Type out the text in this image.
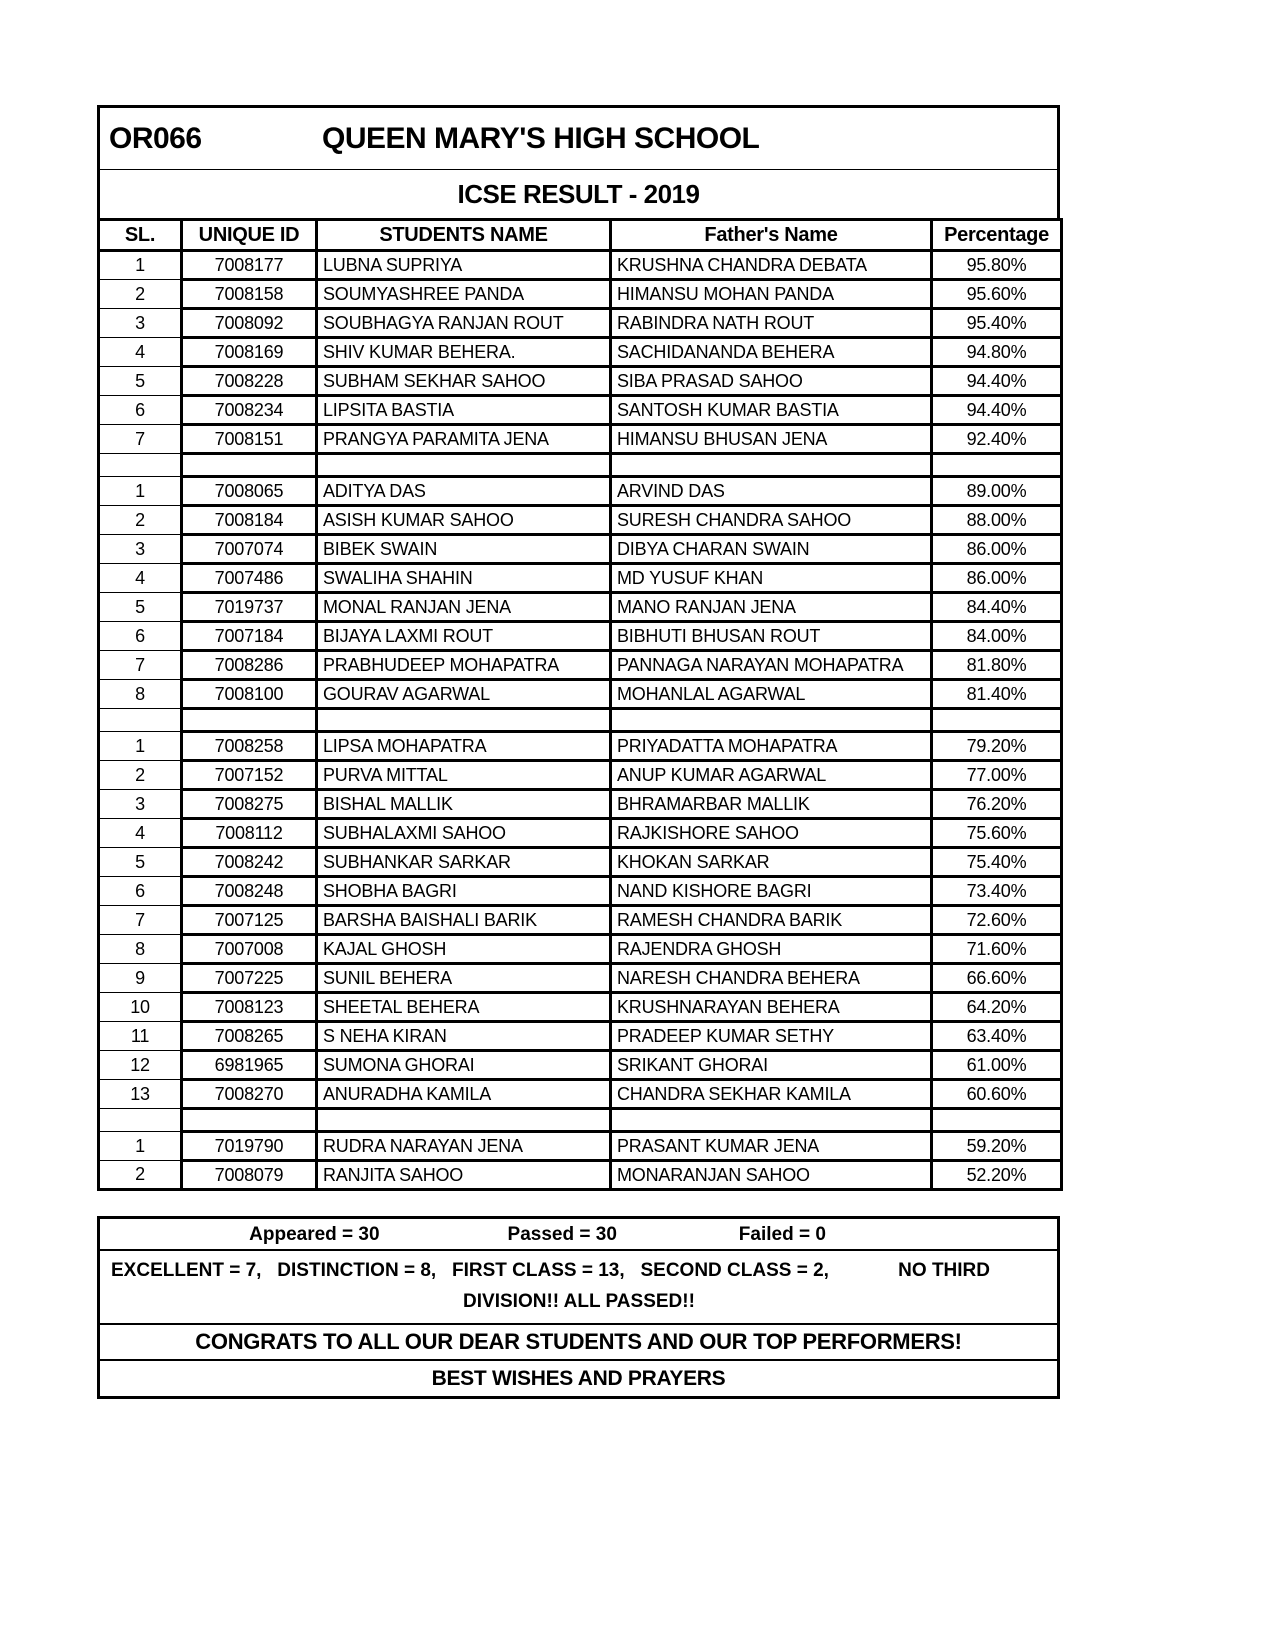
OR066	QUEEN MARY'S HIGH SCHOOL
ICSE RESULT - 2019
SL.	UNIQUE ID	STUDENTS NAME	Father's Name	Percentage
1	7008177	LUBNA SUPRIYA	KRUSHNA CHANDRA DEBATA	95.80%
2	7008158	SOUMYASHREE PANDA	HIMANSU MOHAN PANDA	95.60%
3	7008092	SOUBHAGYA RANJAN ROUT	RABINDRA NATH ROUT	95.40%
4	7008169	SHIV KUMAR BEHERA.	SACHIDANANDA BEHERA	94.80%
5	7008228	SUBHAM SEKHAR SAHOO	SIBA PRASAD SAHOO	94.40%
6	7008234	LIPSITA BASTIA	SANTOSH KUMAR BASTIA	94.40%
7	7008151	PRANGYA PARAMITA JENA	HIMANSU BHUSAN JENA	92.40%

1	7008065	ADITYA DAS	ARVIND DAS	89.00%
2	7008184	ASISH KUMAR SAHOO	SURESH CHANDRA SAHOO	88.00%
3	7007074	BIBEK SWAIN	DIBYA CHARAN SWAIN	86.00%
4	7007486	SWALIHA SHAHIN	MD YUSUF KHAN	86.00%
5	7019737	MONAL RANJAN JENA	MANO RANJAN JENA	84.40%
6	7007184	BIJAYA LAXMI ROUT	BIBHUTI BHUSAN ROUT	84.00%
7	7008286	PRABHUDEEP MOHAPATRA	PANNAGA NARAYAN MOHAPATRA	81.80%
8	7008100	GOURAV AGARWAL	MOHANLAL AGARWAL	81.40%

1	7008258	LIPSA MOHAPATRA	PRIYADATTA MOHAPATRA	79.20%
2	7007152	PURVA MITTAL	ANUP KUMAR AGARWAL	77.00%
3	7008275	BISHAL MALLIK	BHRAMARBAR MALLIK	76.20%
4	7008112	SUBHALAXMI SAHOO	RAJKISHORE SAHOO	75.60%
5	7008242	SUBHANKAR SARKAR	KHOKAN SARKAR	75.40%
6	7008248	SHOBHA BAGRI	NAND KISHORE BAGRI	73.40%
7	7007125	BARSHA BAISHALI BARIK	RAMESH CHANDRA BARIK	72.60%
8	7007008	KAJAL GHOSH	RAJENDRA GHOSH	71.60%
9	7007225	SUNIL BEHERA	NARESH CHANDRA BEHERA	66.60%
10	7008123	SHEETAL BEHERA	KRUSHNARAYAN BEHERA	64.20%
11	7008265	S NEHA KIRAN	PRADEEP KUMAR SETHY	63.40%
12	6981965	SUMONA GHORAI	SRIKANT GHORAI	61.00%
13	7008270	ANURADHA KAMILA	CHANDRA SEKHAR KAMILA	60.60%

1	7019790	RUDRA NARAYAN JENA	PRASANT KUMAR JENA	59.20%
2	7008079	RANJITA SAHOO	MONARANJAN SAHOO	52.20%
Appeared = 30	Passed = 30	Failed = 0
EXCELLENT = 7,   DISTINCTION = 8,   FIRST CLASS = 13,   SECOND CLASS = 2,	NO THIRD
DIVISION!! ALL PASSED!!
CONGRATS TO ALL OUR DEAR STUDENTS AND OUR TOP PERFORMERS!
BEST WISHES AND PRAYERS
